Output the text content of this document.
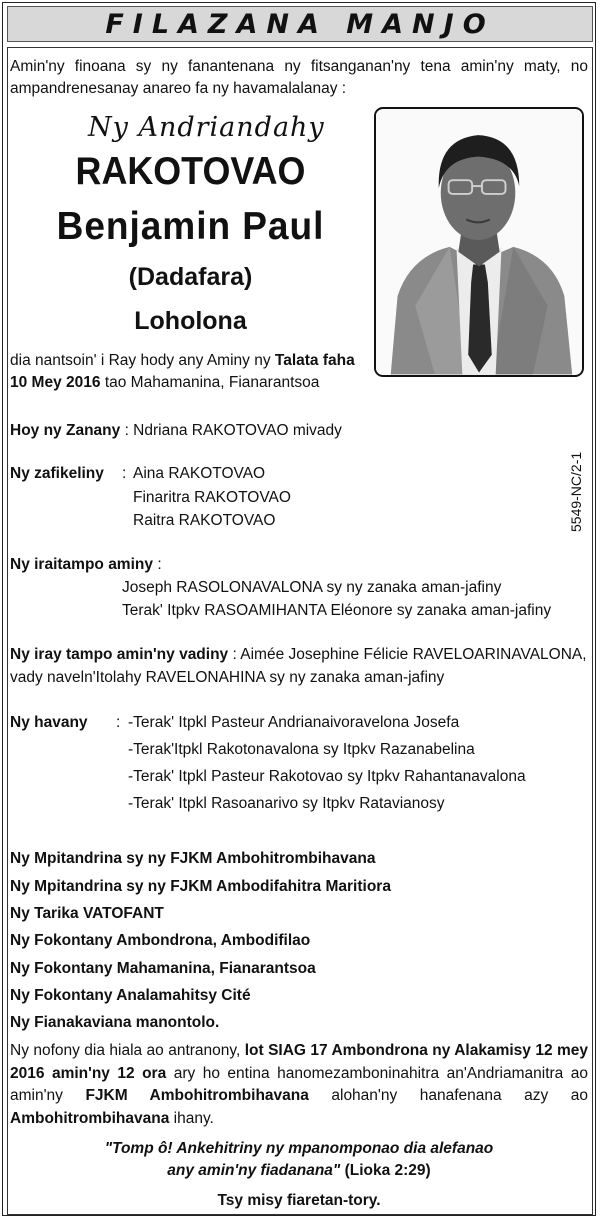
FILAZANA MANJO
Amin'ny finoana sy ny fanantenana ny fitsanganan'ny tena amin'ny maty, no ampandrenesanay anareo fa ny havamalalanay :
Ny Andriandahy
RAKOTOVAO
Benjamin Paul
(Dadafara)
Loholona
dia nantsoin' i Ray hody any Aminy ny Talata faha
10 Mey 2016 tao Mahamanina, Fianarantsoa
Hoy ny Zanany : Ndriana RAKOTOVAO mivady
Ny zafikeliny : Aina RAKOTOVAO
Finaritra RAKOTOVAO
Raitra RAKOTOVAO	5549-NC/2-1
Ny iraitampo aminy :
Joseph RASOLONAVALONA sy ny zanaka aman-jafiny
Terak' Itpkv RASOAMIHANTA Eléonore sy zanaka aman-jafiny
Ny iray tampo amin'ny vadiny : Aimée Josephine Félicie RAVELOARINAVALONA,
vady naveln'Itolahy RAVELONAHINA sy ny zanaka aman-jafiny
Ny havany : -Terak' Itpkl Pasteur Andrianaivoravelona Josefa
-Terak'Itpkl Rakotonavalona sy Itpkv Razanabelina
-Terak' Itpkl Pasteur Rakotovao sy Itpkv Rahantanavalona
-Terak' Itpkl Rasoanarivo sy Itpkv Ratavianosy
Ny Mpitandrina sy ny FJKM Ambohitrombihavana
Ny Mpitandrina sy ny FJKM Ambodifahitra Maritiora
Ny Tarika VATOFANT
Ny Fokontany Ambondrona, Ambodifilao
Ny Fokontany Mahamanina, Fianarantsoa
Ny Fokontany Analamahitsy Cité
Ny Fianakaviana manontolo.
Ny nofony dia hiala ao antranony, lot SIAG 17 Ambondrona ny Alakamisy 12 mey 2016 amin'ny 12 ora ary ho entina hanomezamboninahitra an'Andriamanitra ao amin'ny FJKM Ambohitrombihavana alohan'ny hanafenana azy ao Ambohitrombihavana ihany.
"Tomp ô! Ankehitriny ny mpanomponao dia alefanao
any amin'ny fiadanana" (Lioka 2:29)
Tsy misy fiaretan-tory.
